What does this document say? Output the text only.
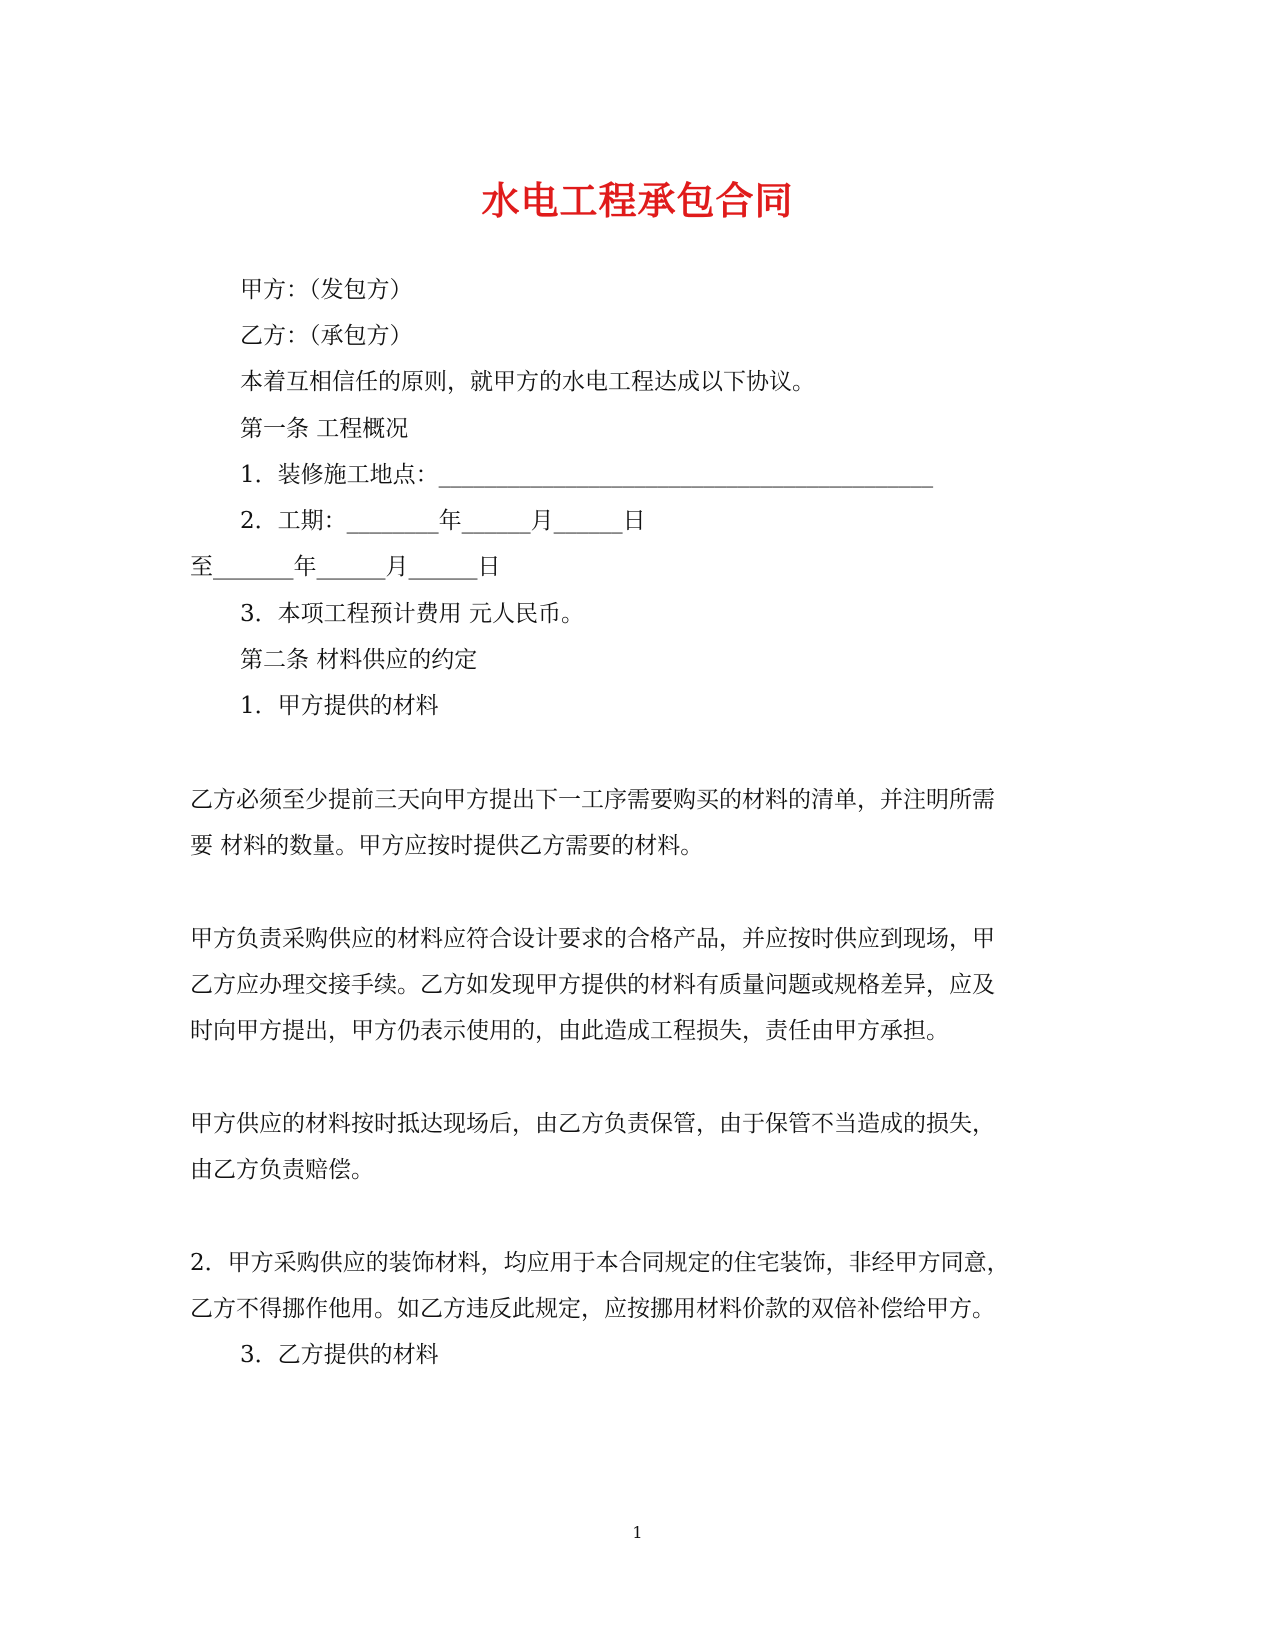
水电工程承包合同
甲方：（发包方）
乙方：（承包方）
本着互相信任的原则，就甲方的水电工程达成以下协议。
第一条 工程概况
1．装修施工地点：___________________________________________
2．工期：________年______月______日
至_______年______月______日
3．本项工程预计费用 元人民币。
第二条 材料供应的约定
1．甲方提供的材料
乙方必须至少提前三天向甲方提出下一工序需要购买的材料的清单，并注明所需
要 材料的数量。甲方应按时提供乙方需要的材料。
甲方负责采购供应的材料应符合设计要求的合格产品，并应按时供应到现场，甲
乙方应办理交接手续。乙方如发现甲方提供的材料有质量问题或规格差异，应及
时向甲方提出，甲方仍表示使用的，由此造成工程损失，责任由甲方承担。
甲方供应的材料按时抵达现场后，由乙方负责保管，由于保管不当造成的损失，
由乙方负责赔偿。
2．甲方采购供应的装饰材料，均应用于本合同规定的住宅装饰，非经甲方同意，
乙方不得挪作他用。如乙方违反此规定，应按挪用材料价款的双倍补偿给甲方。
3．乙方提供的材料
1
